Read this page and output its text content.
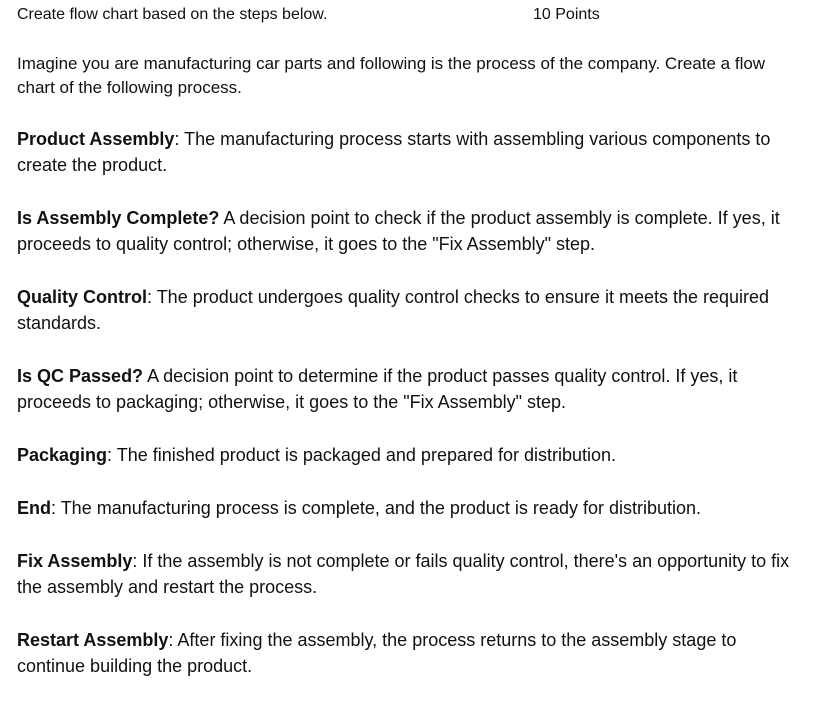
Create flow chart based on the steps below.	10 Points

Imagine you are manufacturing car parts and following is the process of the company. Create a flow chart of the following process.

Product Assembly: The manufacturing process starts with assembling various components to create the product.

Is Assembly Complete? A decision point to check if the product assembly is complete. If yes, it proceeds to quality control; otherwise, it goes to the "Fix Assembly" step.

Quality Control: The product undergoes quality control checks to ensure it meets the required standards.

Is QC Passed? A decision point to determine if the product passes quality control. If yes, it proceeds to packaging; otherwise, it goes to the "Fix Assembly" step.

Packaging: The finished product is packaged and prepared for distribution.

End: The manufacturing process is complete, and the product is ready for distribution.

Fix Assembly: If the assembly is not complete or fails quality control, there's an opportunity to fix the assembly and restart the process.

Restart Assembly: After fixing the assembly, the process returns to the assembly stage to continue building the product.
